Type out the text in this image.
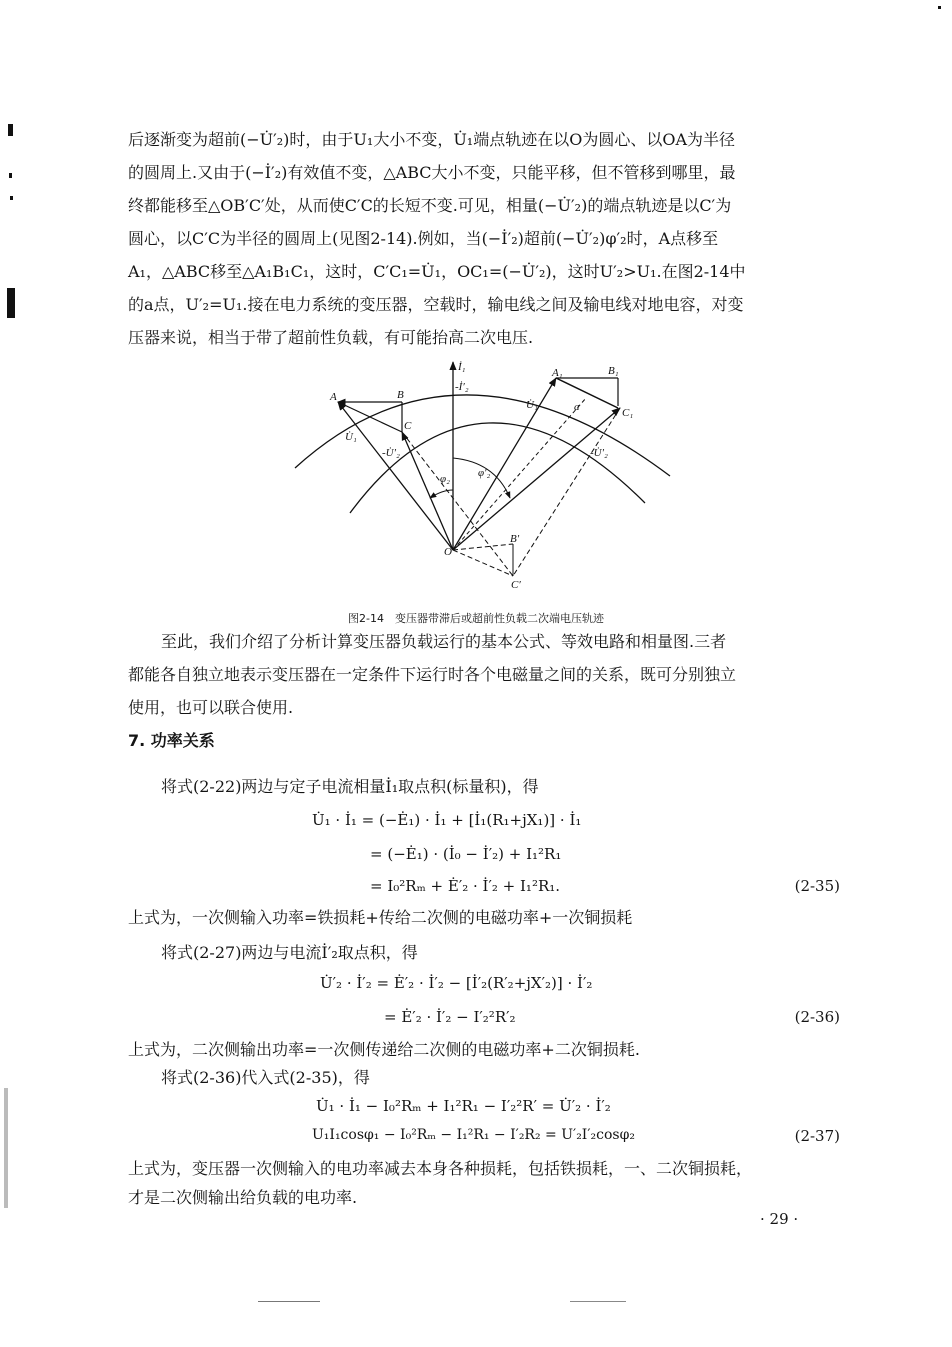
后逐渐变为超前(−U̇′₂)时，由于U₁大小不变，U̇₁端点轨迹在以O为圆心、以OA为半径

的圆周上.又由于(−İ′₂)有效值不变，△ABC大小不变，只能平移，但不管移到哪里，最

终都能移至△OB′C′处，从而使C′C的长短不变.可见，相量(−U̇′₂)的端点轨迹是以C′为

圆心，以C′C为半径的圆周上(见图2-14).例如，当(−İ′₂)超前(−U̇′₂)φ′₂时，A点移至

A₁，△ABC移至△A₁B₁C₁，这时，C′C₁=U̇₁，OC₁=(−U̇′₂)，这时U′₂>U₁.在图2-14中

的a点，U′₂=U₁.接在电力系统的变压器，空载时，输电线之间及输电线对地电容，对变

压器来说，相当于带了超前性负载，有可能抬高二次电压.

A	B
C
A₁	B₁
C₁
a
O
B′
C′
İ₁
-İ′₂
U̇₁
U̇₁
-U̇′₂	-U̇′₂
φ₂	φ′₂
图2-14　变压器带滞后或超前性负载二次端电压轨迹

至此，我们介绍了分析计算变压器负载运行的基本公式、等效电路和相量图.三者

都能各自独立地表示变压器在一定条件下运行时各个电磁量之间的关系，既可分别独立

使用，也可以联合使用.

7. 功率关系
将式(2-22)两边与定子电流相量İ₁取点积(标量积)，得
U̇₁ · İ₁ = (−Ė₁) · İ₁ + [İ₁(R₁+jX₁)] · İ₁
= (−Ė₁) · (İ₀ − İ′₂) + I₁²R₁
= I₀²Rₘ + Ė′₂ · İ′₂ + I₁²R₁.	(2-35)
上式为，一次侧输入功率=铁损耗+传给二次侧的电磁功率+一次铜损耗
将式(2-27)两边与电流İ′₂取点积，得
U̇′₂ · İ′₂ = Ė′₂ · İ′₂ − [İ′₂(R′₂+jX′₂)] · İ′₂
= Ė′₂ · İ′₂ − I′₂²R′₂	(2-36)
上式为，二次侧输出功率=一次侧传递给二次侧的电磁功率+二次铜损耗.
将式(2-36)代入式(2-35)，得
U̇₁ · İ₁ − I₀²Rₘ + I₁²R₁ − I′₂²R′ = U̇′₂ · İ′₂
U₁I₁cosφ₁ − I₀²Rₘ − I₁²R₁ − I′₂R₂ = U′₂I′₂cosφ₂	(2-37)
上式为，变压器一次侧输入的电功率减去本身各种损耗，包括铁损耗，一、二次铜损耗，
才是二次侧输出给负载的电功率.
· 29 ·
